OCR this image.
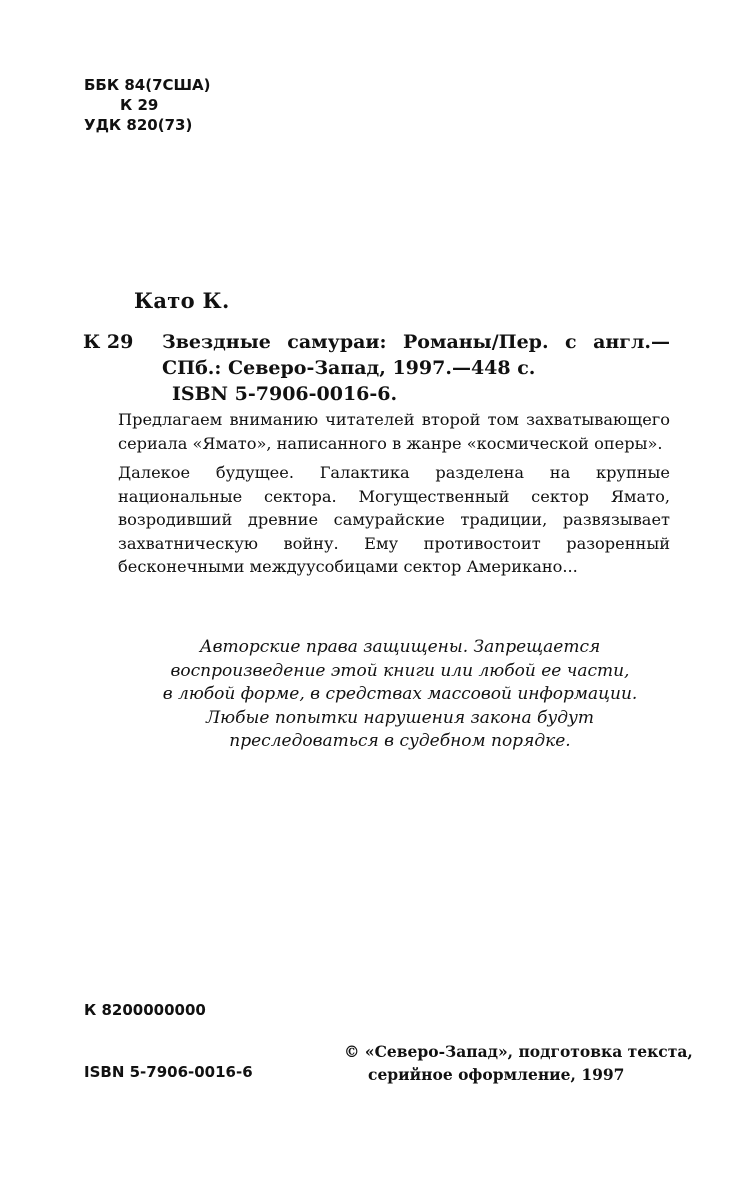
ББК 84(7США)
К 29
УДК 820(73)
Като К.
К 29 Звездные самураи: Романы/Пер. с англ.—
СПб.: Северо-Запад, 1997.—448 с.
ISBN 5-7906-0016-6.

Предлагаем вниманию читателей второй том захватывающего сериала «Ямато», написанного в жанре «космической оперы».

Далекое будущее. Галактика разделена на крупные национальные сектора. Могущественный сектор Ямато, возродивший древние самурайские традиции, развязывает захватническую войну. Ему противостоит разоренный бесконечными междуусобицами сектор Американо...

Авторские права защищены. Запрещается
воспроизведение этой книги или любой ее части,
в любой форме, в средствах массовой информации.
Любые попытки нарушения закона будут
преследоваться в судебном порядке.
К 8200000000
ISBN 5-7906-0016-6
© «Северо-Запад», подготовка текста,
серийное оформление, 1997
